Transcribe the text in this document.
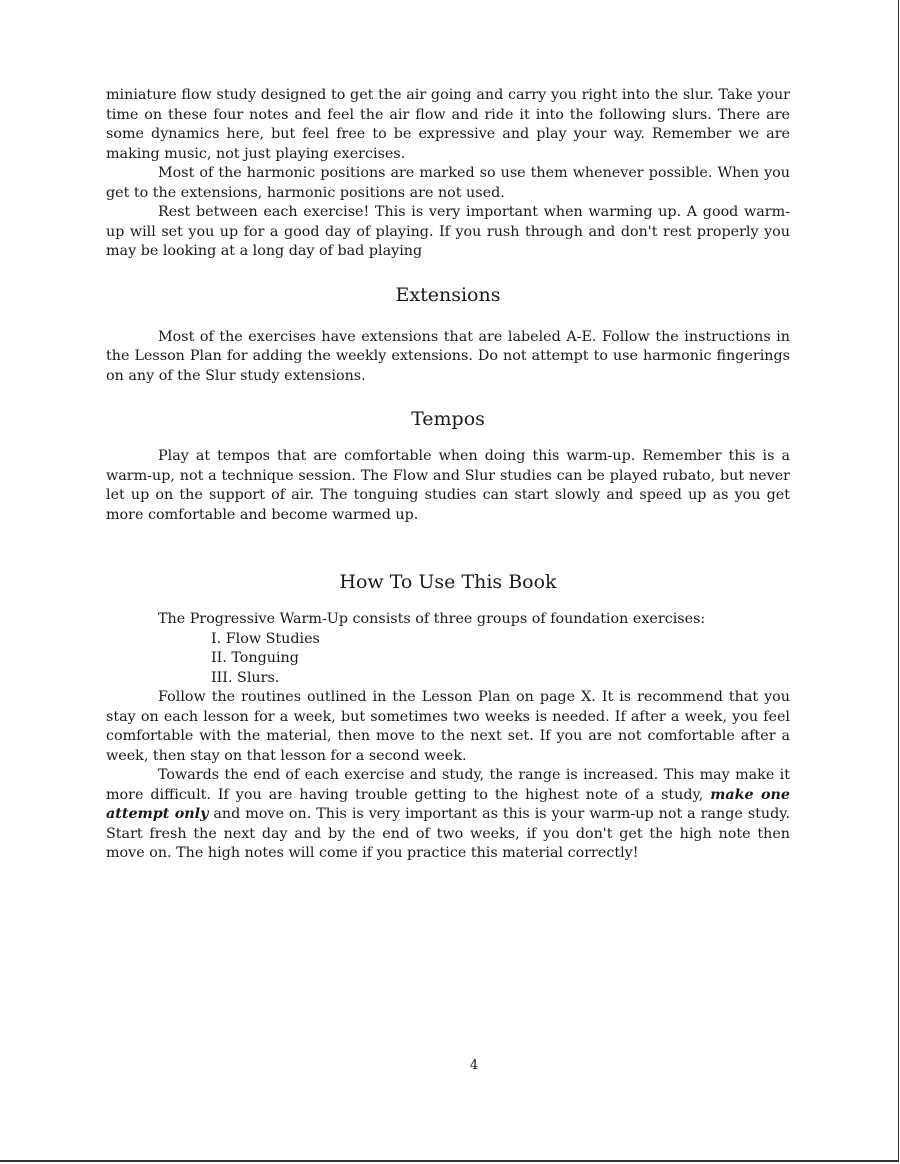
miniature flow study designed to get the air going and carry you right into the slur. Take your time on these four notes and feel the air flow and ride it into the following slurs. There are some dynamics here, but feel free to be expressive and play your way. Remember we are making music, not just playing exercises.

Most of the harmonic positions are marked so use them whenever possible. When you get to the extensions, harmonic positions are not used.

Rest between each exercise! This is very important when warming up. A good warm-up will set you up for a good day of playing. If you rush through and don't rest properly you may be looking at a long day of bad playing

Extensions

Most of the exercises have extensions that are labeled A-E. Follow the instructions in the Lesson Plan for adding the weekly extensions. Do not attempt to use harmonic fingerings on any of the Slur study extensions.

Tempos

Play at tempos that are comfortable when doing this warm-up. Remember this is a warm-up, not a technique session. The Flow and Slur studies can be played rubato, but never let up on the support of air. The tonguing studies can start slowly and speed up as you get more comfortable and become warmed up.

How To Use This Book

The Progressive Warm-Up consists of three groups of foundation exercises:

I. Flow Studies
II. Tonguing
III. Slurs.

Follow the routines outlined in the Lesson Plan on page X. It is recommend that you stay on each lesson for a week, but sometimes two weeks is needed. If after a week, you feel comfortable with the material, then move to the next set. If you are not comfortable after a week, then stay on that lesson for a second week.

Towards the end of each exercise and study, the range is increased. This may make it more difficult. If you are having trouble getting to the highest note of a study, make one attempt only and move on. This is very important as this is your warm-up not a range study. Start fresh the next day and by the end of two weeks, if you don't get the high note then move on. The high notes will come if you practice this material correctly!

4
